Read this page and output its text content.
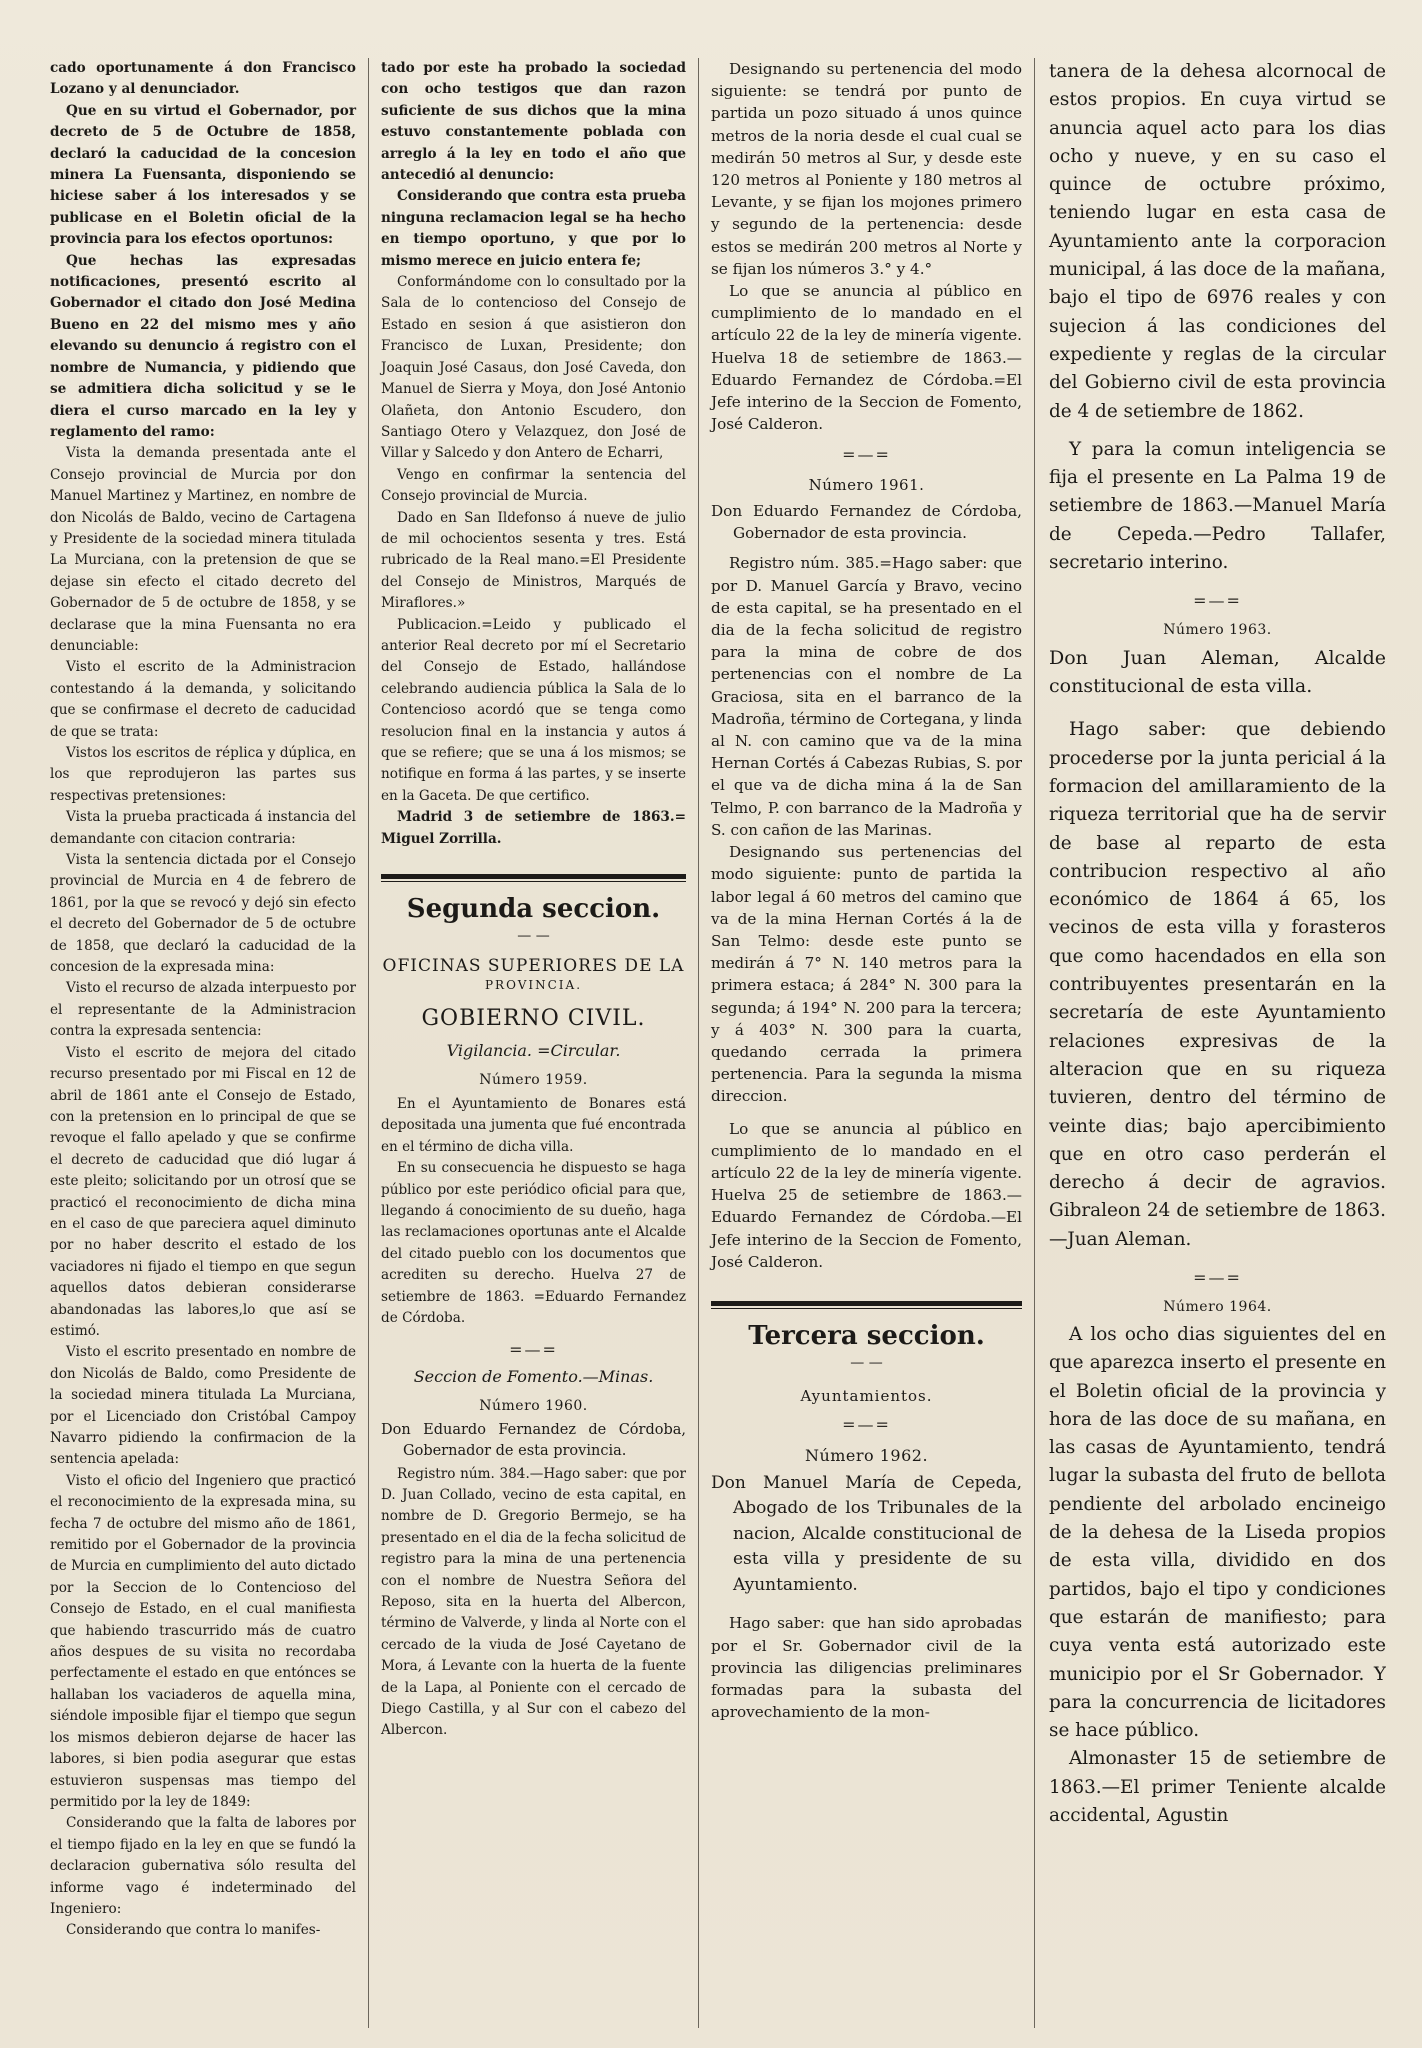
cado oportunamente á don Francisco Lozano y al denunciador.

Que en su virtud el Gobernador, por decreto de 5 de Octubre de 1858, declaró la caducidad de la concesion minera La Fuensanta, disponiendo se hiciese saber á los interesados y se publicase en el Boletin oficial de la provincia para los efectos oportunos:

Que hechas las expresadas notificaciones, presentó escrito al Gobernador el citado don José Medina Bueno en 22 del mismo mes y año elevando su denuncio á registro con el nombre de Numancia, y pidiendo que se admitiera dicha solicitud y se le diera el curso marcado en la ley y reglamento del ramo:

Vista la demanda presentada ante el Consejo provincial de Murcia por don Manuel Martinez y Martinez, en nombre de don Nicolás de Baldo, vecino de Cartagena y Presidente de la sociedad minera titulada La Murciana, con la pretension de que se dejase sin efecto el citado decreto del Gobernador de 5 de octubre de 1858, y se declarase que la mina Fuensanta no era denunciable:

Visto el escrito de la Administracion contestando á la demanda, y solicitando que se confirmase el decreto de caducidad de que se trata:

Vistos los escritos de réplica y dúplica, en los que reprodujeron las partes sus respectivas pretensiones:

Vista la prueba practicada á instancia del demandante con citacion contraria:

Vista la sentencia dictada por el Consejo provincial de Murcia en 4 de febrero de 1861, por la que se revocó y dejó sin efecto el decreto del Gobernador de 5 de octubre de 1858, que declaró la caducidad de la concesion de la expresada mina:

Visto el recurso de alzada interpuesto por el representante de la Administracion contra la expresada sentencia:

Visto el escrito de mejora del citado recurso presentado por mi Fiscal en 12 de abril de 1861 ante el Consejo de Estado, con la pretension en lo principal de que se revoque el fallo apelado y que se confirme el decreto de caducidad que dió lugar á este pleito; solicitando por un otrosí que se practicó el reconocimiento de dicha mina en el caso de que pareciera aquel diminuto por no haber descrito el estado de los vaciadores ni fijado el tiempo en que segun aquellos datos debieran considerarse abandonadas las labores,lo que así se estimó.

Visto el escrito presentado en nombre de don Nicolás de Baldo, como Presidente de la sociedad minera titulada La Murciana, por el Licenciado don Cristóbal Campoy Navarro pidiendo la confirmacion de la sentencia apelada:

Visto el oficio del Ingeniero que practicó el reconocimiento de la expresada mina, su fecha 7 de octubre del mismo año de 1861, remitido por el Gobernador de la provincia de Murcia en cumplimiento del auto dictado por la Seccion de lo Contencioso del Consejo de Estado, en el cual manifiesta que habiendo trascurrido más de cuatro años despues de su visita no recordaba perfectamente el estado en que entónces se hallaban los vaciaderos de aquella mina, siéndole imposible fijar el tiempo que segun los mismos debieron dejarse de hacer las labores, si bien podia asegurar que estas estuvieron suspensas mas tiempo del permitido por la ley de 1849:

Considerando que la falta de labores por el tiempo fijado en la ley en que se fundó la declaracion gubernativa sólo resulta del informe vago é indeterminado del Ingeniero:

Considerando que contra lo manifes-

tado por este ha probado la sociedad con ocho testigos que dan razon suficiente de sus dichos que la mina estuvo constantemente poblada con arreglo á la ley en todo el año que antecedió al denuncio:

Considerando que contra esta prueba ninguna reclamacion legal se ha hecho en tiempo oportuno, y que por lo mismo merece en juicio entera fe;

Conformándome con lo consultado por la Sala de lo contencioso del Consejo de Estado en sesion á que asistieron don Francisco de Luxan, Presidente; don Joaquin José Casaus, don José Caveda, don Manuel de Sierra y Moya, don José Antonio Olañeta, don Antonio Escudero, don Santiago Otero y Velazquez, don José de Villar y Salcedo y don Antero de Echarri,

Vengo en confirmar la sentencia del Consejo provincial de Murcia.

Dado en San Ildefonso á nueve de julio de mil ochocientos sesenta y tres. Está rubricado de la Real mano.=El Presidente del Consejo de Ministros, Marqués de Miraflores.»

Publicacion.=Leido y publicado el anterior Real decreto por mí el Secretario del Consejo de Estado, hallándose celebrando audiencia pública la Sala de lo Contencioso acordó que se tenga como resolucion final en la instancia y autos á que se refiere; que se una á los mismos; se notifique en forma á las partes, y se inserte en la Gaceta. De que certifico.

Madrid 3 de setiembre de 1863.= Miguel Zorrilla.

Segunda seccion.
— —
OFICINAS SUPERIORES DE LA
PROVINCIA.
GOBIERNO CIVIL.
Vigilancia. =Circular.
Número 1959.

En el Ayuntamiento de Bonares está depositada una jumenta que fué encontrada en el término de dicha villa.

En su consecuencia he dispuesto se haga público por este periódico oficial para que, llegando á conocimiento de su dueño, haga las reclamaciones oportunas ante el Alcalde del citado pueblo con los documentos que acrediten su derecho. Huelva 27 de setiembre de 1863. =Eduardo Fernandez de Córdoba.

=—=
Seccion de Fomento.—Minas.
Número 1960.

Don Eduardo Fernandez de Córdoba, Gobernador de esta provincia.

Registro núm. 384.—Hago saber: que por D. Juan Collado, vecino de esta capital, en nombre de D. Gregorio Bermejo, se ha presentado en el dia de la fecha solicitud de registro para la mina de una pertenencia con el nombre de Nuestra Señora del Reposo, sita en la huerta del Albercon, término de Valverde, y linda al Norte con el cercado de la viuda de José Cayetano de Mora, á Levante con la huerta de la fuente de la Lapa, al Poniente con el cercado de Diego Castilla, y al Sur con el cabezo del Albercon.

Designando su pertenencia del modo siguiente: se tendrá por punto de partida un pozo situado á unos quince metros de la noria desde el cual cual se medirán 50 metros al Sur, y desde este 120 metros al Poniente y 180 metros al Levante, y se fijan los mojones primero y segundo de la pertenencia: desde estos se medirán 200 metros al Norte y se fijan los números 3.° y 4.°

Lo que se anuncia al público en cumplimiento de lo mandado en el artículo 22 de la ley de minería vigente. Huelva 18 de setiembre de 1863.—Eduardo Fernandez de Córdoba.=El Jefe interino de la Seccion de Fomento, José Calderon.

=—=
Número 1961.

Don Eduardo Fernandez de Córdoba, Gobernador de esta provincia.

Registro núm. 385.=Hago saber: que por D. Manuel García y Bravo, vecino de esta capital, se ha presentado en el dia de la fecha solicitud de registro para la mina de cobre de dos pertenencias con el nombre de La Graciosa, sita en el barranco de la Madroña, término de Cortegana, y linda al N. con camino que va de la mina Hernan Cortés á Cabezas Rubias, S. por el que va de dicha mina á la de San Telmo, P. con barranco de la Madroña y S. con cañon de las Marinas.

Designando sus pertenencias del modo siguiente: punto de partida la labor legal á 60 metros del camino que va de la mina Hernan Cortés á la de San Telmo: desde este punto se medirán á 7° N. 140 metros para la primera estaca; á 284° N. 300 para la segunda; á 194° N. 200 para la tercera; y á 403° N. 300 para la cuarta, quedando cerrada la primera pertenencia. Para la segunda la misma direccion.

Lo que se anuncia al público en cumplimiento de lo mandado en el artículo 22 de la ley de minería vigente. Huelva 25 de setiembre de 1863.—Eduardo Fernandez de Córdoba.—El Jefe interino de la Seccion de Fomento, José Calderon.

Tercera seccion.
— —
Ayuntamientos.
=—=
Número 1962.

Don Manuel María de Cepeda, Abogado de los Tribunales de la nacion, Alcalde constitucional de esta villa y presidente de su Ayuntamiento.

Hago saber: que han sido aprobadas por el Sr. Gobernador civil de la provincia las diligencias preliminares formadas para la subasta del aprovechamiento de la mon-

tanera de la dehesa alcornocal de estos propios. En cuya virtud se anuncia aquel acto para los dias ocho y nueve, y en su caso el quince de octubre próximo, teniendo lugar en esta casa de Ayuntamiento ante la corporacion municipal, á las doce de la mañana, bajo el tipo de 6976 reales y con sujecion á las condiciones del expediente y reglas de la circular del Gobierno civil de esta provincia de 4 de setiembre de 1862.

Y para la comun inteligencia se fija el presente en La Palma 19 de setiembre de 1863.—Manuel María de Cepeda.—Pedro Tallafer, secretario interino.

=—=
Número 1963.

Don Juan Aleman, Alcalde constitucional de esta villa.

Hago saber: que debiendo procederse por la junta pericial á la formacion del amillaramiento de la riqueza territorial que ha de servir de base al reparto de esta contribucion respectivo al año económico de 1864 á 65, los vecinos de esta villa y forasteros que como hacendados en ella son contribuyentes presentarán en la secretaría de este Ayuntamiento relaciones expresivas de la alteracion que en su riqueza tuvieren, dentro del término de veinte dias; bajo apercibimiento que en otro caso perderán el derecho á decir de agravios. Gibraleon 24 de setiembre de 1863.—Juan Aleman.

=—=
Número 1964.

A los ocho dias siguientes del en que aparezca inserto el presente en el Boletin oficial de la provincia y hora de las doce de su mañana, en las casas de Ayuntamiento, tendrá lugar la subasta del fruto de bellota pendiente del arbolado encineigo de la dehesa de la Liseda propios de esta villa, dividido en dos partidos, bajo el tipo y condiciones que estarán de manifiesto; para cuya venta está autorizado este municipio por el Sr Gobernador. Y para la concurrencia de licitadores se hace público.

Almonaster 15 de setiembre de 1863.—El primer Teniente alcalde accidental, Agustin
